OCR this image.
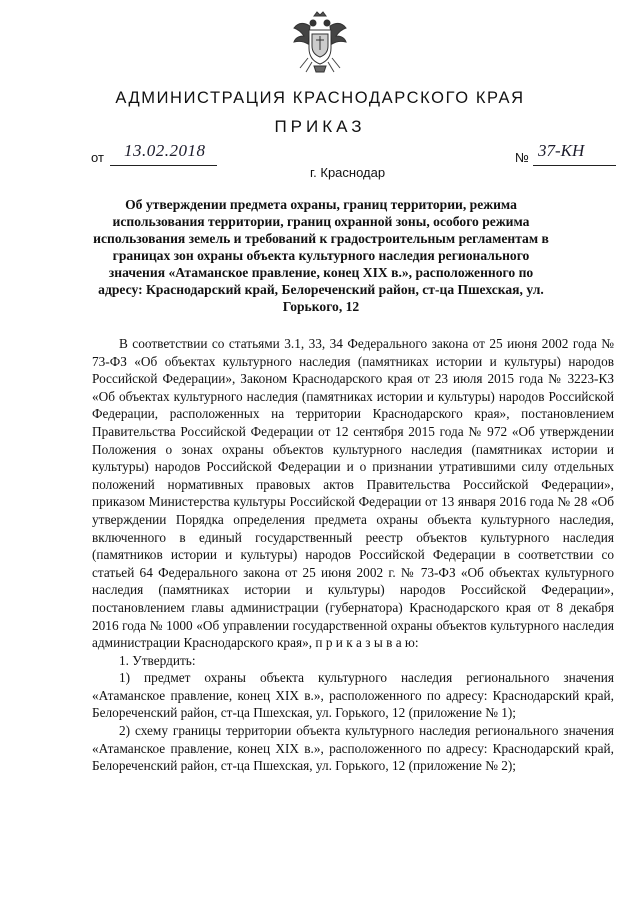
АДМИНИСТРАЦИЯ КРАСНОДАРСКОГО КРАЯ
ПРИКАЗ
от 13.02.2018
г. Краснодар
№ 37-КН
Об утверждении предмета охраны, границ территории, режима использования территории, границ охранной зоны, особого режима использования земель и требований к градостроительным регламентам в границах зон охраны объекта культурного наследия регионального значения «Атаманское правление, конец XIX в.», расположенного по адресу: Краснодарский край, Белореченский район, ст-ца Пшехская, ул. Горького, 12

В соответствии со статьями 3.1, 33, 34 Федерального закона от 25 июня 2002 года № 73-ФЗ «Об объектах культурного наследия (памятниках истории и культуры) народов Российской Федерации», Законом Краснодарского края от 23 июля 2015 года № 3223-КЗ «Об объектах культурного наследия (памятниках истории и культуры) народов Российской Федерации, расположенных на территории Краснодарского края», постановлением Правительства Российской Федерации от 12 сентября 2015 года № 972 «Об утверждении Положения о зонах охраны объектов культурного наследия (памятниках истории и культуры) народов Российской Федерации и о признании утратившими силу отдельных положений нормативных правовых актов Правительства Российской Федерации», приказом Министерства культуры Российской Федерации от 13 января 2016 года № 28 «Об утверждении Порядка определения предмета охраны объекта культурного наследия, включенного в единый государственный реестр объектов культурного наследия (памятников истории и культуры) народов Российской Федерации в соответствии со статьей 64 Федерального закона от 25 июня 2002 г. № 73-ФЗ «Об объектах культурного наследия (памятниках истории и культуры) народов Российской Федерации», постановлением главы администрации (губернатора) Краснодарского края от 8 декабря 2016 года № 1000 «Об управлении государственной охраны объектов культурного наследия администрации Краснодарского края», п р и к а з ы в а ю:

1. Утвердить:

1) предмет охраны объекта культурного наследия регионального значения «Атаманское правление, конец XIX в.», расположенного по адресу: Краснодарский край, Белореченский район, ст-ца Пшехская, ул. Горького, 12 (приложение № 1);

2) схему границы территории объекта культурного наследия регионального значения «Атаманское правление, конец XIX в.», расположенного по адресу: Краснодарский край, Белореченский район, ст-ца Пшехская, ул. Горького, 12 (приложение № 2);
